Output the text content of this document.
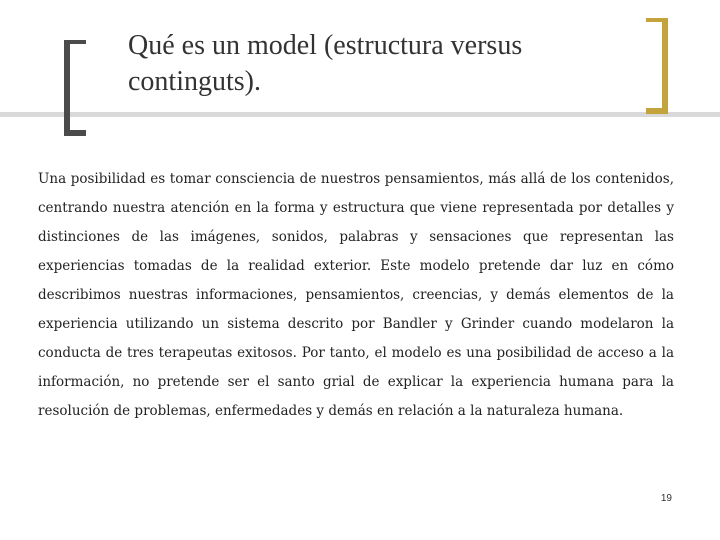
Qué es un model (estructura versus continguts).

Una posibilidad es tomar consciencia de nuestros pensamientos, más allá de los contenidos, centrando nuestra atención en la forma y estructura que viene representada por detalles y distinciones de las imágenes, sonidos, palabras y sensaciones que representan las experiencias tomadas de la realidad exterior. Este modelo pretende dar luz en cómo describimos nuestras informaciones, pensamientos, creencias, y demás elementos de la experiencia utilizando un sistema descrito por Bandler y Grinder cuando modelaron la conducta de tres terapeutas exitosos. Por tanto, el modelo es una posibilidad de acceso a la información, no pretende ser el santo grial de explicar la experiencia humana para la resolución de problemas, enfermedades y demás en relación a la naturaleza humana.

19
